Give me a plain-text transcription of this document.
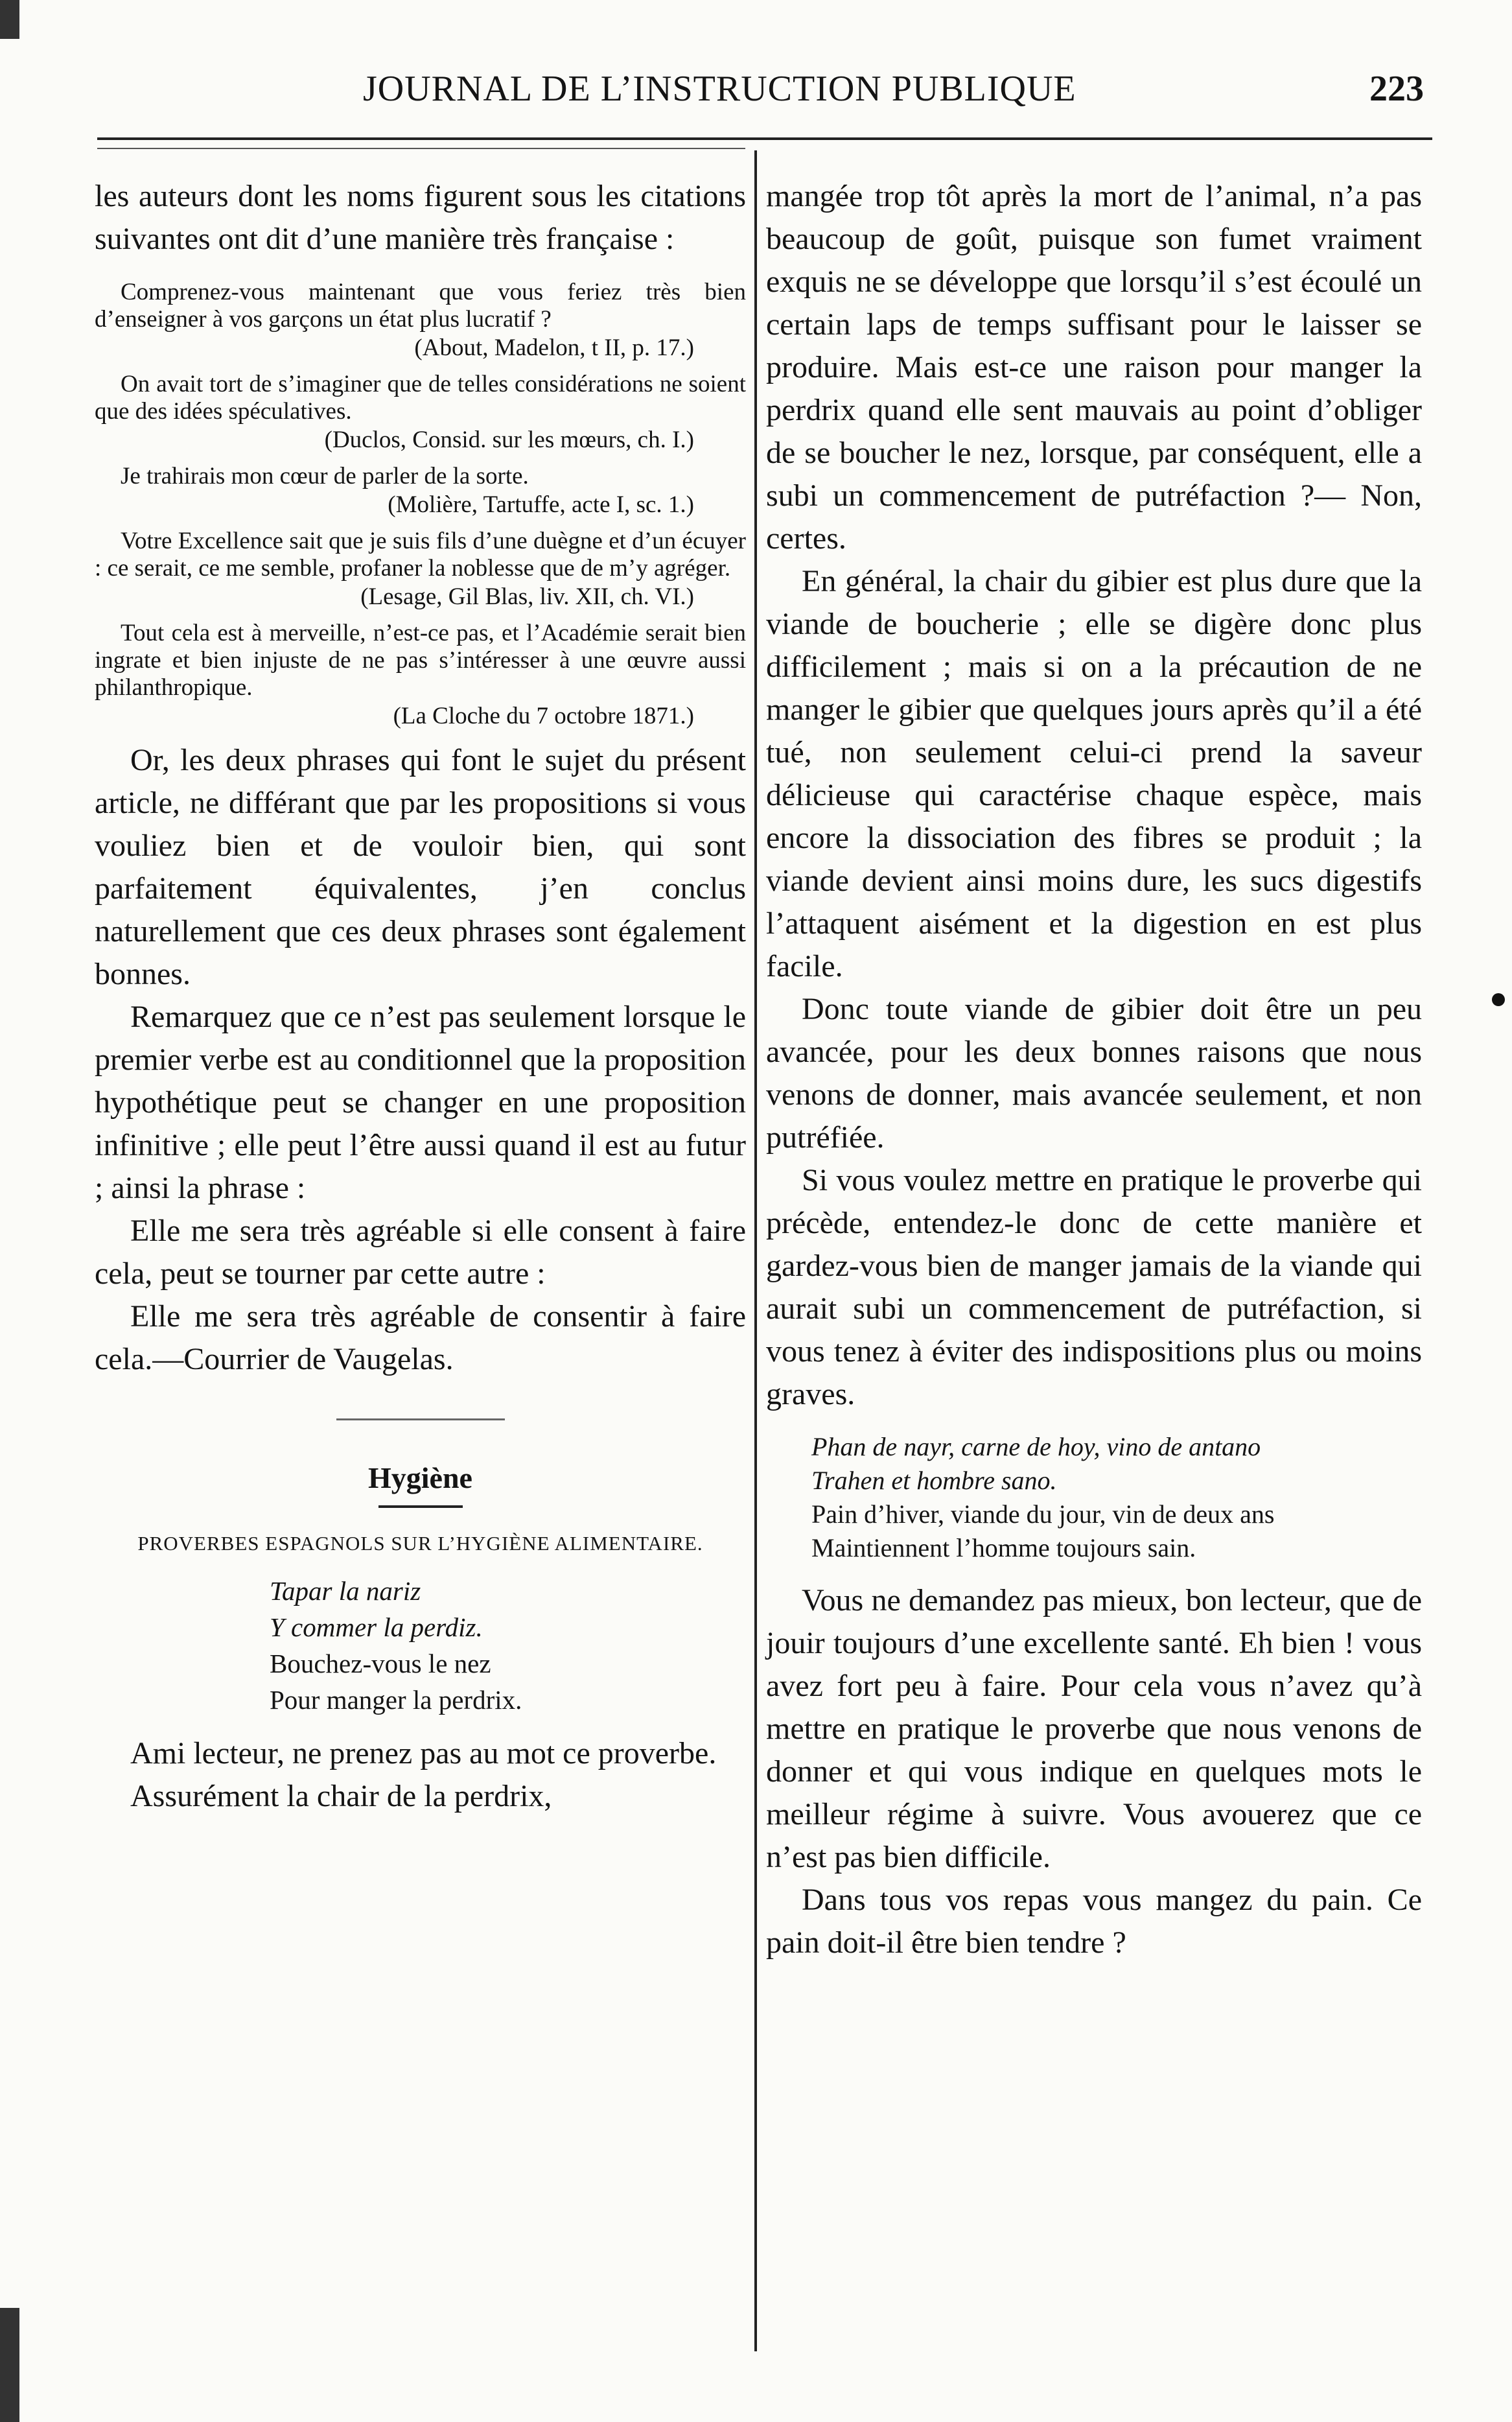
JOURNAL DE L’INSTRUCTION PUBLIQUE	223

les auteurs dont les noms figurent sous les citations suivantes ont dit d’une manière très française :

Comprenez-vous maintenant que vous feriez très bien d’enseigner à vos garçons un état plus lucratif ?

(About, Madelon, t II, p. 17.)

On avait tort de s’imaginer que de telles considérations ne soient que des idées spéculatives.

(Duclos, Consid. sur les mœurs, ch. I.)

Je trahirais mon cœur de parler de la sorte.

(Molière, Tartuffe, acte I, sc. 1.)

Votre Excellence sait que je suis fils d’une duègne et d’un écuyer : ce serait, ce me semble, profaner la noblesse que de m’y agréger.

(Lesage, Gil Blas, liv. XII, ch. VI.)

Tout cela est à merveille, n’est-ce pas, et l’Académie serait bien ingrate et bien injuste de ne pas s’intéresser à une œuvre aussi philanthropique.

(La Cloche du 7 octobre 1871.)

Or, les deux phrases qui font le sujet du présent article, ne différant que par les propositions si vous vouliez bien et de vouloir bien, qui sont parfaitement équivalentes, j’en conclus naturellement que ces deux phrases sont également bonnes.

Remarquez que ce n’est pas seulement lorsque le premier verbe est au conditionnel que la proposition hypothétique peut se changer en une proposition infinitive ; elle peut l’être aussi quand il est au futur ; ainsi la phrase :

Elle me sera très agréable si elle consent à faire cela, peut se tourner par cette autre :

Elle me sera très agréable de consentir à faire cela.—Courrier de Vaugelas.

Hygiène

PROVERBES ESPAGNOLS SUR L’HYGIÈNE ALIMENTAIRE.

Tapar la nariz

Y commer la perdiz.

Bouchez-vous le nez

Pour manger la perdrix.

Ami lecteur, ne prenez pas au mot ce proverbe.

Assurément la chair de la perdrix,

mangée trop tôt après la mort de l’animal, n’a pas beaucoup de goût, puisque son fumet vraiment exquis ne se développe que lorsqu’il s’est écoulé un certain laps de temps suffisant pour le laisser se produire. Mais est-ce une raison pour manger la perdrix quand elle sent mauvais au point d’obliger de se boucher le nez, lorsque, par conséquent, elle a subi un commencement de putréfaction ?— Non, certes.

En général, la chair du gibier est plus dure que la viande de boucherie ; elle se digère donc plus difficilement ; mais si on a la précaution de ne manger le gibier que quelques jours après qu’il a été tué, non seulement celui-ci prend la saveur délicieuse qui caractérise chaque espèce, mais encore la dissociation des fibres se produit ; la viande devient ainsi moins dure, les sucs digestifs l’attaquent aisément et la digestion en est plus facile.

Donc toute viande de gibier doit être un peu avancée, pour les deux bonnes raisons que nous venons de donner, mais avancée seulement, et non putréfiée.

Si vous voulez mettre en pratique le proverbe qui précède, entendez-le donc de cette manière et gardez-vous bien de manger jamais de la viande qui aurait subi un commencement de putréfaction, si vous tenez à éviter des indispositions plus ou moins graves.

Phan de nayr, carne de hoy, vino de antano

Trahen et hombre sano.

Pain d’hiver, viande du jour, vin de deux ans

Maintiennent l’homme toujours sain.

Vous ne demandez pas mieux, bon lecteur, que de jouir toujours d’une excellente santé. Eh bien ! vous avez fort peu à faire. Pour cela vous n’avez qu’à mettre en pratique le proverbe que nous venons de donner et qui vous indique en quelques mots le meilleur régime à suivre. Vous avouerez que ce n’est pas bien difficile.

Dans tous vos repas vous mangez du pain. Ce pain doit-il être bien tendre ?
